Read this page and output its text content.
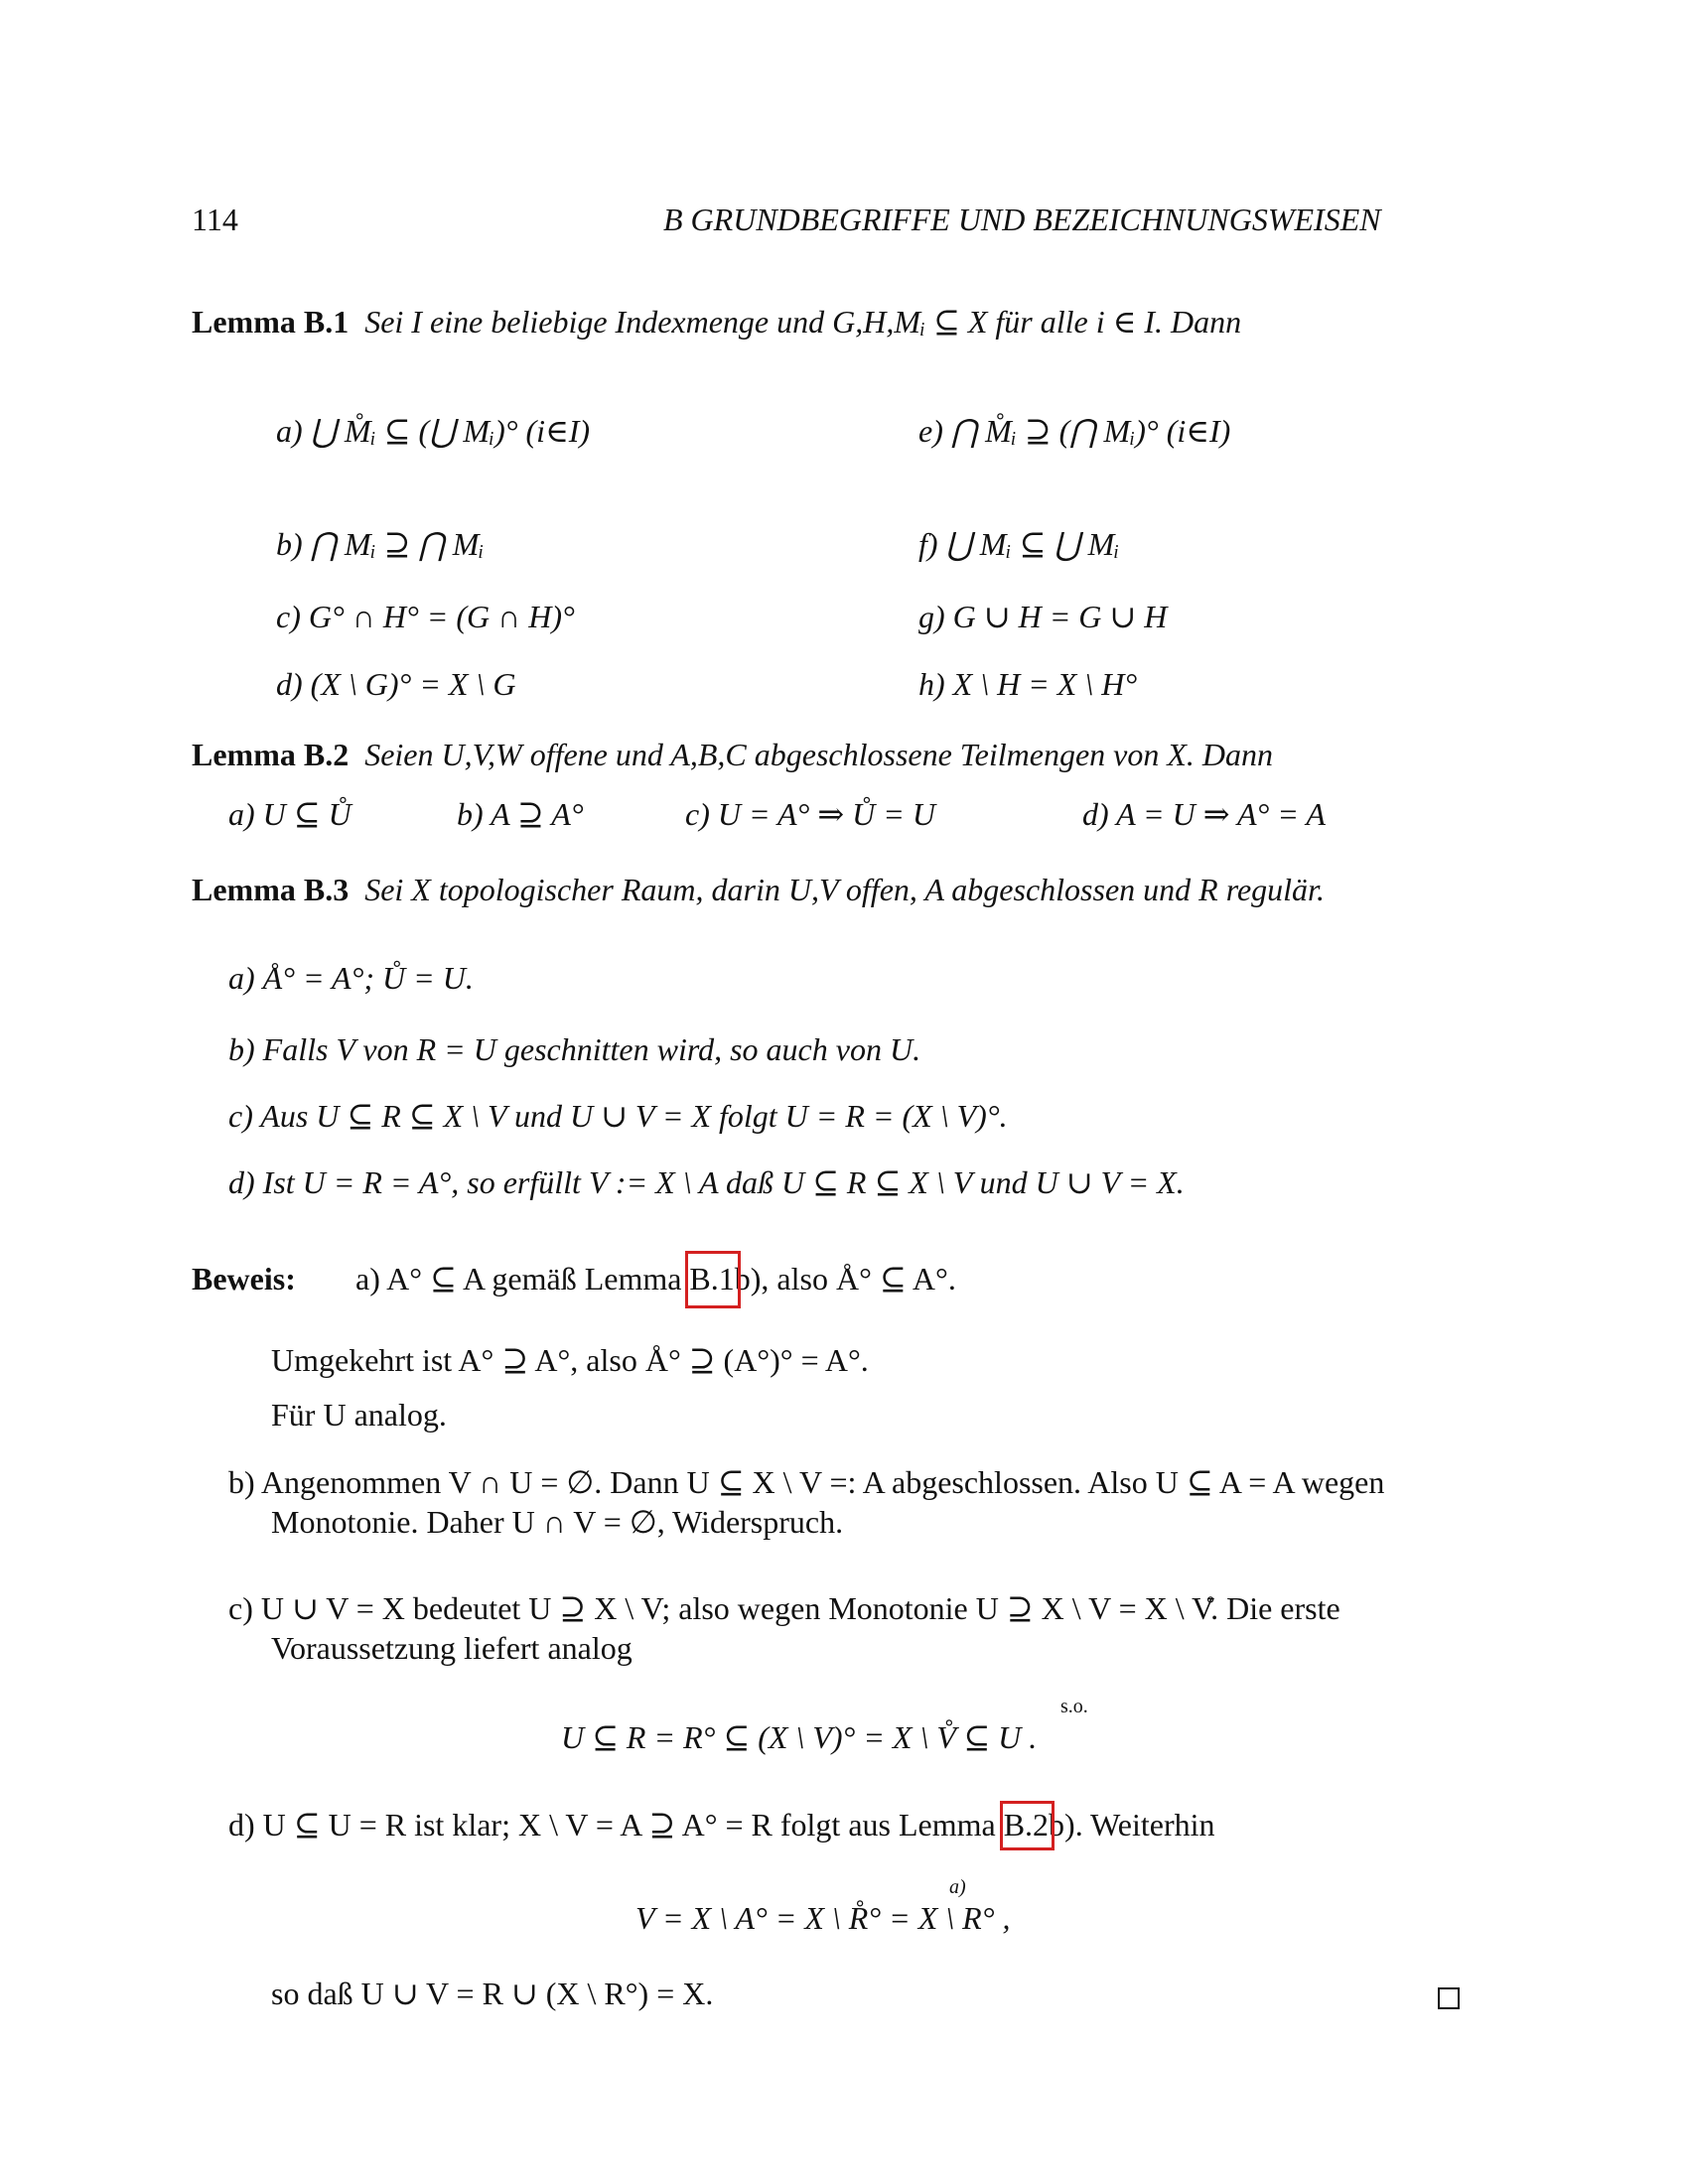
114	B GRUNDBEGRIFFE UND BEZEICHNUNGSWEISEN
Lemma B.1 Sei I eine beliebige Indexmenge und G,H,Mᵢ ⊆ X für alle i ∈ I. Dann
a) ⋃ M̊ᵢ ⊆ (⋃ Mᵢ)° (i∈I)	e) ⋂ M̊ᵢ ⊇ (⋂ Mᵢ)° (i∈I)
b) ⋂ Mᵢ ⊇ ⋂ Mᵢ	f) ⋃ Mᵢ ⊆ ⋃ Mᵢ
c) G° ∩ H° = (G ∩ H)°	g) G ∪ H = G ∪ H
d) (X \ G)° = X \ G	h) X \ H = X \ H°
Lemma B.2 Seien U,V,W offene und A,B,C abgeschlossene Teilmengen von X. Dann
a) U ⊆ Ů	b) A ⊇ A°	c) U = A° ⇒ Ů = U	d) A = U ⇒ A° = A
Lemma B.3 Sei X topologischer Raum, darin U,V offen, A abgeschlossen und R regulär.
a) Å° = A°; Ů = U.
b) Falls V von R = U geschnitten wird, so auch von U.
c) Aus U ⊆ R ⊆ X \ V und U ∪ V = X folgt U = R = (X \ V)°.
d) Ist U = R = A°, so erfüllt V := X \ A daß U ⊆ R ⊆ X \ V und U ∪ V = X.
Beweis: a) A° ⊆ A gemäß Lemma B.1
b), also Å° ⊆ A°.
Umgekehrt ist A° ⊇ A°, also Å° ⊇ (A°)° = A°.
Für U analog.
b) Angenommen V ∩ U = ∅. Dann U ⊆ X \ V =: A abgeschlossen. Also U ⊆ A = A wegen
Monotonie. Daher U ∩ V = ∅, Widerspruch.
c) U ∪ V = X bedeutet U ⊇ X \ V; also wegen Monotonie U ⊇ X \ V = X \ V̊. Die erste
Voraussetzung liefert analog
U ⊆ R = R° ⊆ (X \ V)° = X \ V̊ ⊆ U .
s.o.
d) U ⊆ U = R ist klar; X \ V = A ⊇ A° = R folgt aus Lemma B.2
b). Weiterhin
V = X \ A° = X \ R̊° = X \ R° ,
a)
so daß U ∪ V = R ∪ (X \ R°) = X.
